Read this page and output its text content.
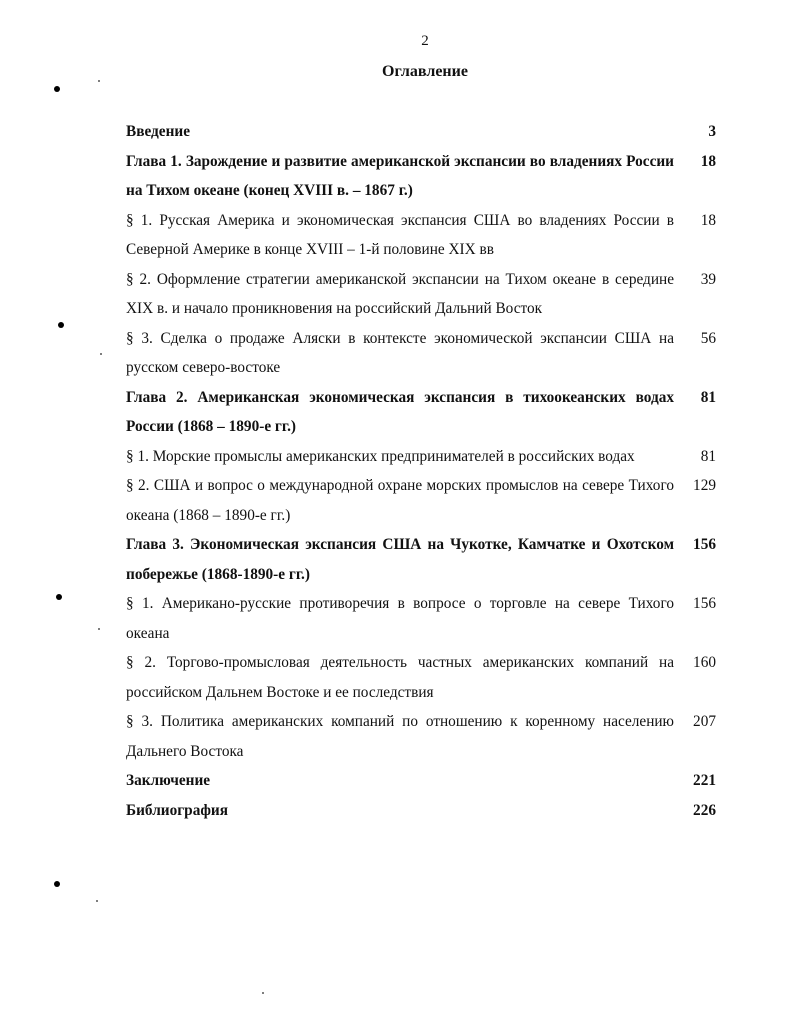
2
Оглавление
Введение	3
Глава 1. Зарождение и развитие американской экспансии во владениях России на Тихом океане (конец XVIII в. – 1867 г.)
18
§ 1. Русская Америка и экономическая экспансия США во владениях России в Северной Америке в конце XVIII – 1-й половине XIX вв
18
§ 2. Оформление стратегии американской экспансии на Тихом океане в середине XIX в. и начало проникновения на российский Дальний Восток
39
§ 3. Сделка о продаже Аляски в контексте экономической экспансии США на русском северо-востоке
56
Глава 2. Американская экономическая экспансия в тихоокеанских водах России (1868 – 1890-е гг.)
81
§ 1. Морские промыслы американских предпринимателей в российских водах	81
§ 2. США и вопрос о международной охране морских промыслов на севере Тихого океана (1868 – 1890-е гг.)
129
Глава 3. Экономическая экспансия США на Чукотке, Камчатке и Охотском побережье (1868-1890-е гг.)
156
§ 1. Американо-русские противоречия в вопросе о торговле на севере Тихого океана
156
§ 2. Торгово-промысловая деятельность частных американских компаний на российском Дальнем Востоке и ее последствия
160
§ 3. Политика американских компаний по отношению к коренному населению Дальнего Востока
207
Заключение	221
Библиография	226
